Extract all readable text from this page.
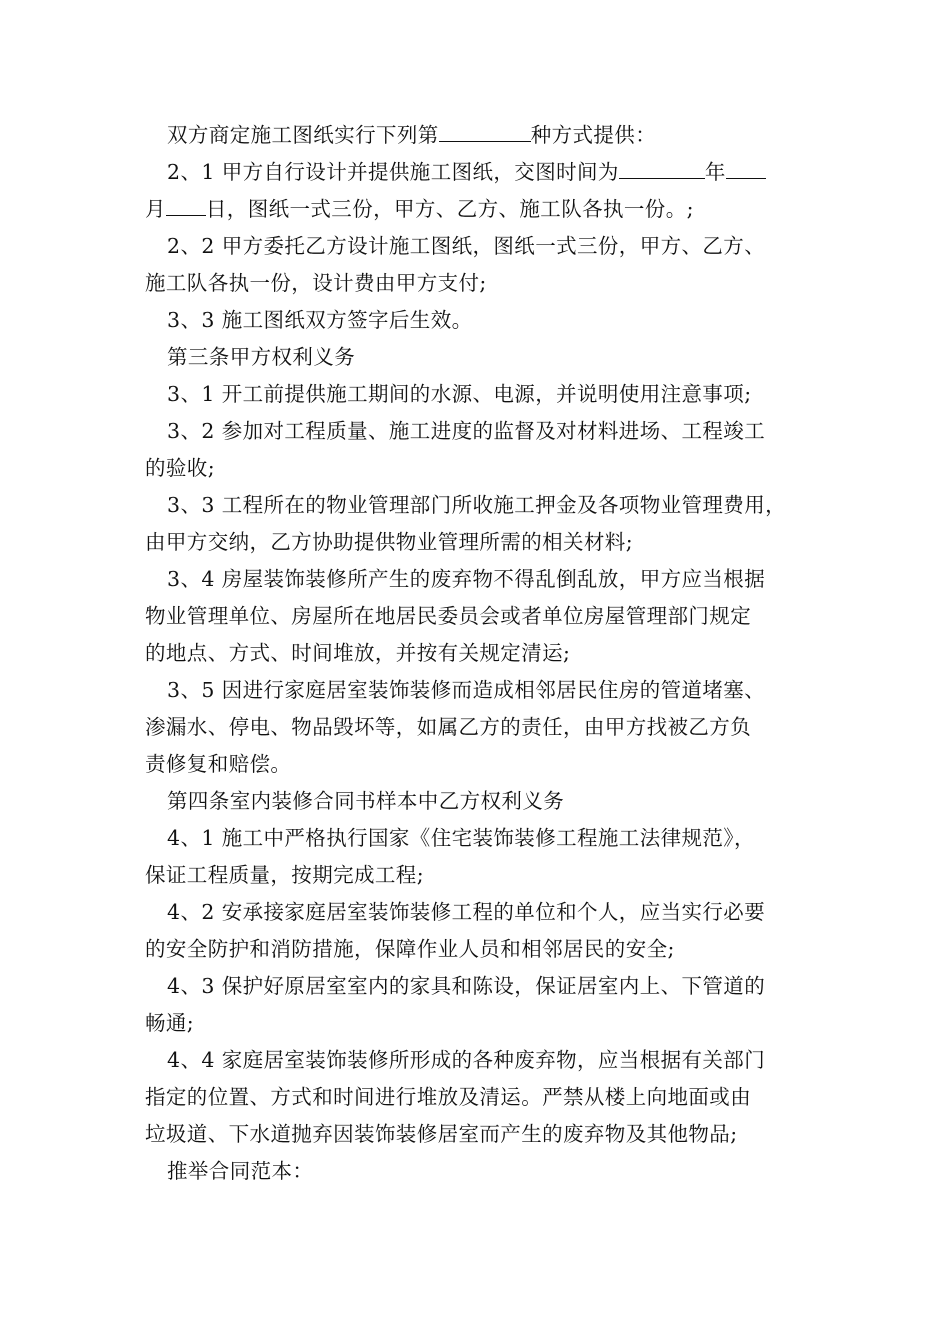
双方商定施工图纸实行下列第	种方式提供：
2、1 甲方自行设计并提供施工图纸，交图时间为	年
月 日，图纸一式三份，甲方、乙方、施工队各执一份。;
2、2 甲方委托乙方设计施工图纸，图纸一式三份，甲方、乙方、
施工队各执一份，设计费由甲方支付;
3、3 施工图纸双方签字后生效。
第三条甲方权利义务
3、1 开工前提供施工期间的水源、电源，并说明使用注意事项;
3、2 参加对工程质量、施工进度的监督及对材料进场、工程竣工
的验收;
3、3 工程所在的物业管理部门所收施工押金及各项物业管理费用，
由甲方交纳，乙方协助提供物业管理所需的相关材料;
3、4 房屋装饰装修所产生的废弃物不得乱倒乱放，甲方应当根据
物业管理单位、房屋所在地居民委员会或者单位房屋管理部门规定
的地点、方式、时间堆放，并按有关规定清运;
3、5 因进行家庭居室装饰装修而造成相邻居民住房的管道堵塞、
渗漏水、停电、物品毁坏等，如属乙方的责任，由甲方找被乙方负
责修复和赔偿。
第四条室内装修合同书样本中乙方权利义务
4、1 施工中严格执行国家《住宅装饰装修工程施工法律规范》，
保证工程质量，按期完成工程;
4、2 安承接家庭居室装饰装修工程的单位和个人，应当实行必要
的安全防护和消防措施，保障作业人员和相邻居民的安全;
4、3 保护好原居室室内的家具和陈设，保证居室内上、下管道的
畅通;
4、4 家庭居室装饰装修所形成的各种废弃物，应当根据有关部门
指定的位置、方式和时间进行堆放及清运。严禁从楼上向地面或由
垃圾道、下水道抛弃因装饰装修居室而产生的废弃物及其他物品;
推举合同范本：
